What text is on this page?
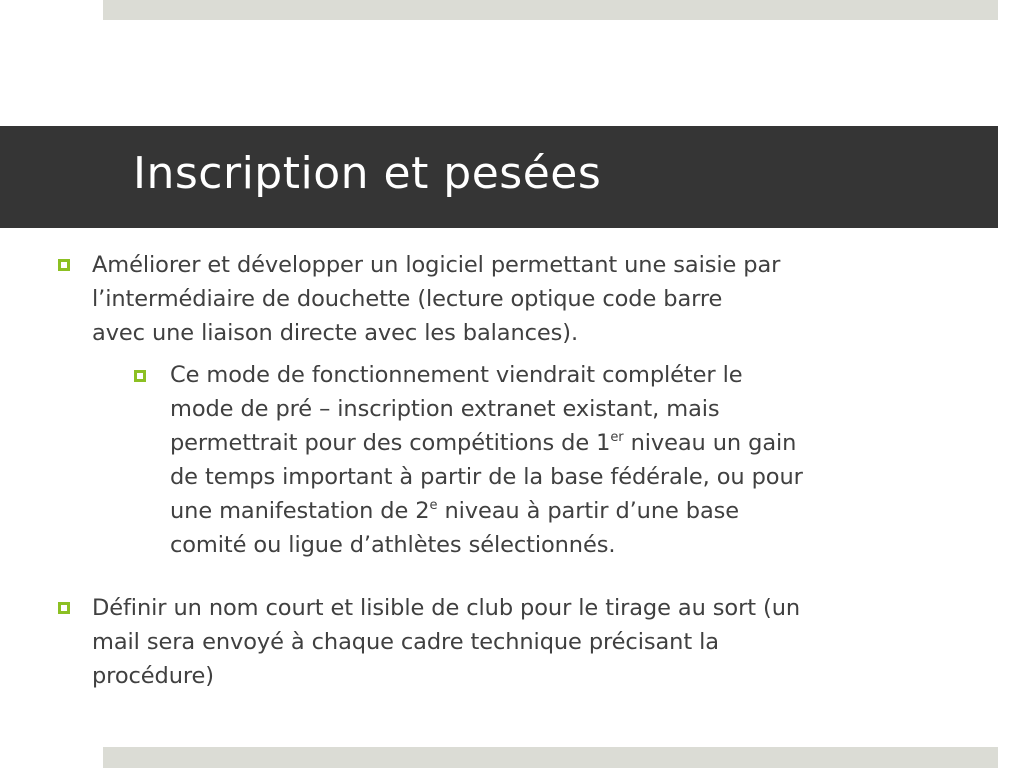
Inscription et pesées

Améliorer et développer un logiciel permettant une saisie par
l’intermédiaire de douchette (lecture optique code barre
avec une liaison directe avec les balances).

Ce mode de fonctionnement viendrait compléter le
mode de pré – inscription extranet existant, mais
permettrait pour des compétitions de 1er niveau un gain
de temps important à partir de la base fédérale, ou pour
une manifestation de 2e niveau à partir d’une base
comité ou ligue d’athlètes sélectionnés.

Définir un nom court et lisible de club pour le tirage au sort (un
mail sera envoyé à chaque cadre technique précisant la
procédure)
